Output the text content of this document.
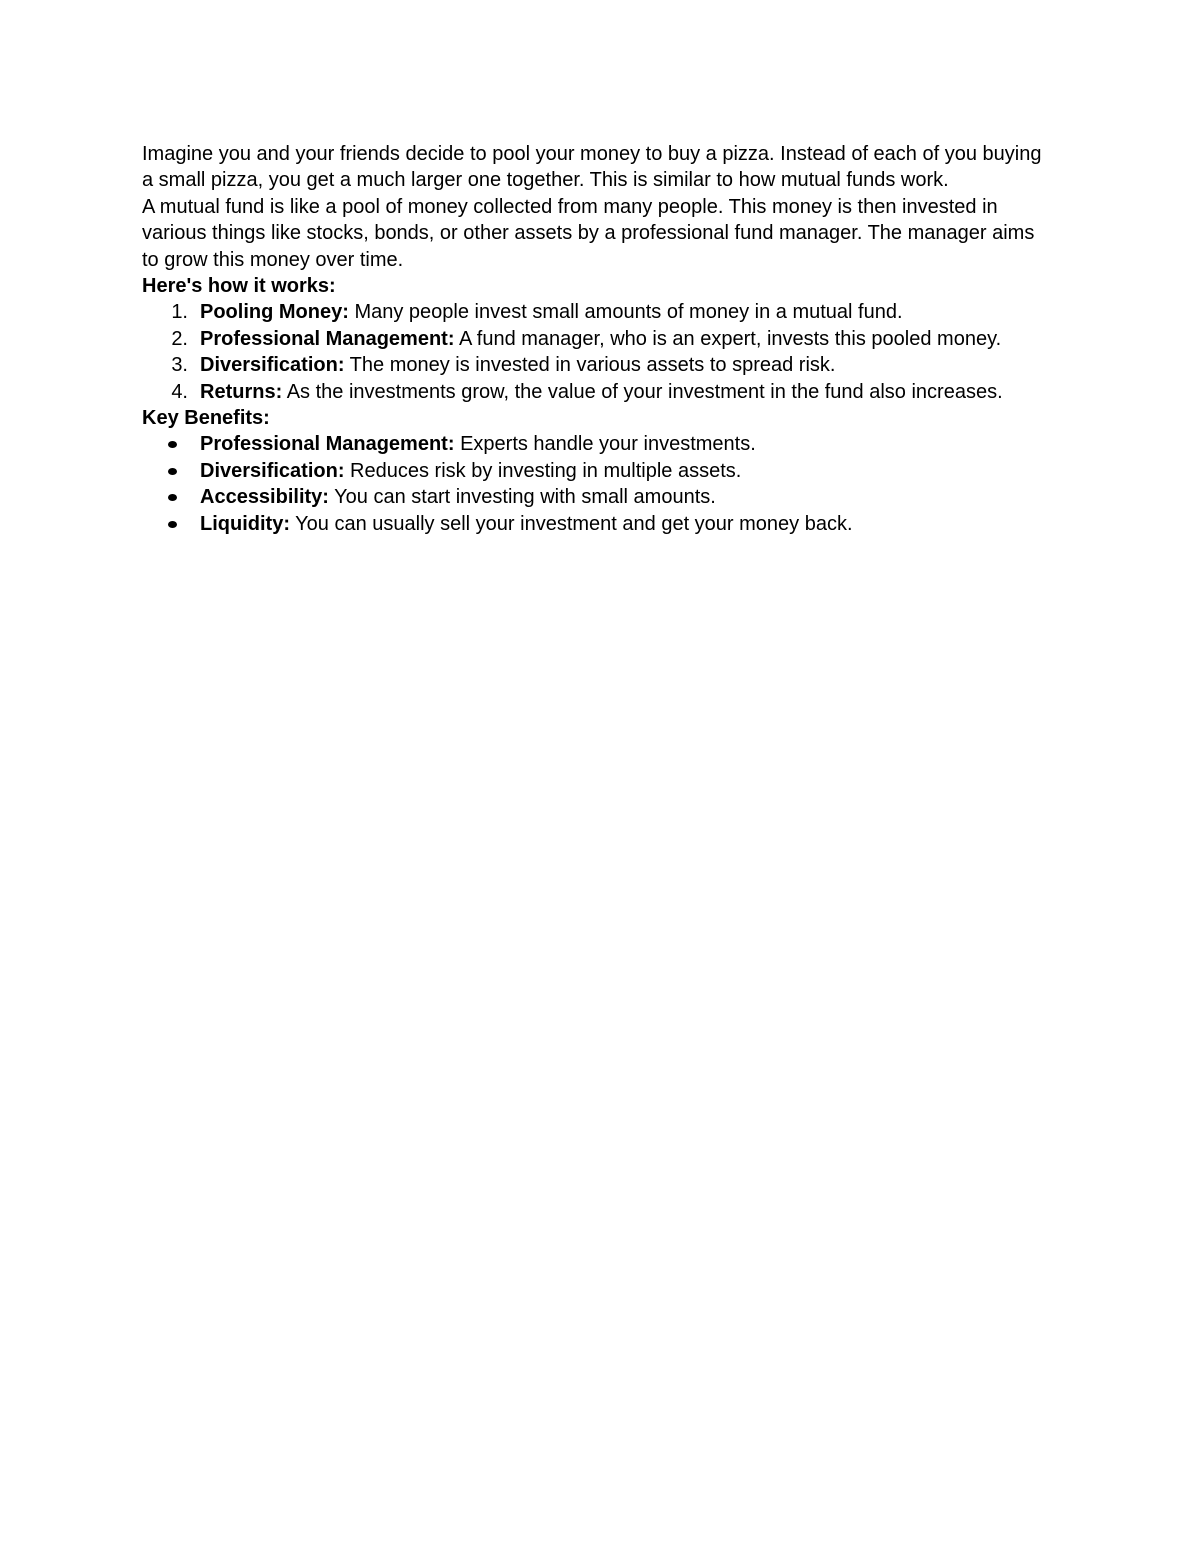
Imagine you and your friends decide to pool your money to buy a pizza. Instead of each of you buying a small pizza, you get a much larger one together. This is similar to how mutual funds work.

A mutual fund is like a pool of money collected from many people. This money is then invested in various things like stocks, bonds, or other assets by a professional fund manager. The manager aims to grow this money over time.

Here's how it works:

1. Pooling Money: Many people invest small amounts of money in a mutual fund.
2. Professional Management: A fund manager, who is an expert, invests this pooled money.
3. Diversification: The money is invested in various assets to spread risk.
4. Returns: As the investments grow, the value of your investment in the fund also increases.

Key Benefits:

Professional Management: Experts handle your investments.
Diversification: Reduces risk by investing in multiple assets.
Accessibility: You can start investing with small amounts.
Liquidity: You can usually sell your investment and get your money back.
